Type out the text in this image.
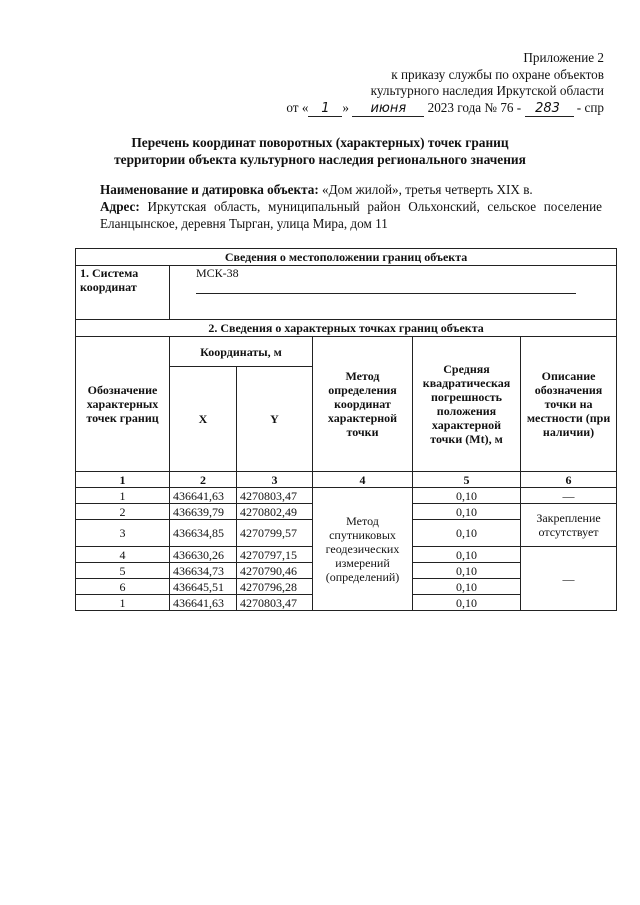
Приложение 2
к приказу службы по охране объектов
культурного наследия Иркутской области
от « 1 » июня 2023 года № 76 - 283 - спр
Перечень координат поворотных (характерных) точек границ
территории объекта культурного наследия регионального значения
Наименование и датировка объекта: «Дом жилой», третья четверть XIX в.
Адрес: Иркутская область, муниципальный район Ольхонский, сельское поселение Еланцынское, деревня Тырган, улица Мира, дом 11
Сведения о местоположении границ объекта					
1. Система
координат	МСК-38				

2. Сведения о характерных точках границ объекта					
Обозначение характерных точек границ	Координаты, м		Метод определения координат характерной точки	Средняя квадратическая погрешность положения характерной точки (Mt), м	Описание обозначения точки на местности (при наличии)
	X	Y			
1	2	3	4	5	6
1	436641,63	4270803,47	Метод спутниковых геодезических измерений (определений)	0,10	—
2	436639,79	4270802,49		0,10	Закрепление отсутствует
3	436634,85	4270799,57		0,10	
4	436630,26	4270797,15		0,10	—
5	436634,73	4270790,46		0,10	
6	436645,51	4270796,28		0,10	
1	436641,63	4270803,47		0,10	
